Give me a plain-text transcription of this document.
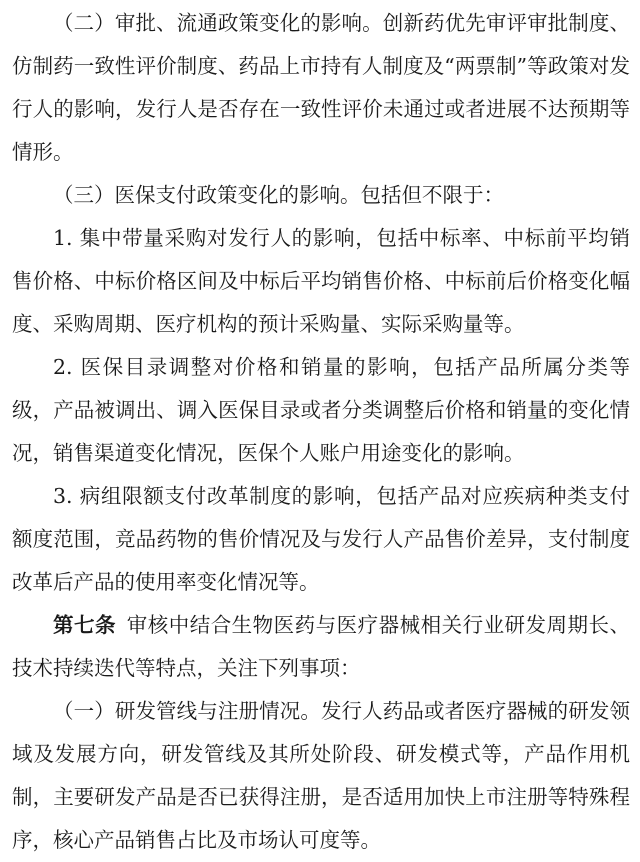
（二）审批、流通政策变化的影响。创新药优先审评审批制度、仿制药一致性评价制度、药品上市持有人制度及“两票制”等政策对发行人的影响，发行人是否存在一致性评价未通过或者进展不达预期等情形。

（三）医保支付政策变化的影响。包括但不限于：

1. 集中带量采购对发行人的影响，包括中标率、中标前平均销售价格、中标价格区间及中标后平均销售价格、中标前后价格变化幅度、采购周期、医疗机构的预计采购量、实际采购量等。

2. 医保目录调整对价格和销量的影响，包括产品所属分类等级，产品被调出、调入医保目录或者分类调整后价格和销量的变化情况，销售渠道变化情况，医保个人账户用途变化的影响。

3. 病组限额支付改革制度的影响，包括产品对应疾病种类支付额度范围，竞品药物的售价情况及与发行人产品售价差异，支付制度改革后产品的使用率变化情况等。

第七条  审核中结合生物医药与医疗器械相关行业研发周期长、技术持续迭代等特点，关注下列事项：

（一）研发管线与注册情况。发行人药品或者医疗器械的研发领域及发展方向，研发管线及其所处阶段、研发模式等，产品作用机制，主要研发产品是否已获得注册，是否适用加快上市注册等特殊程序，核心产品销售占比及市场认可度等。
